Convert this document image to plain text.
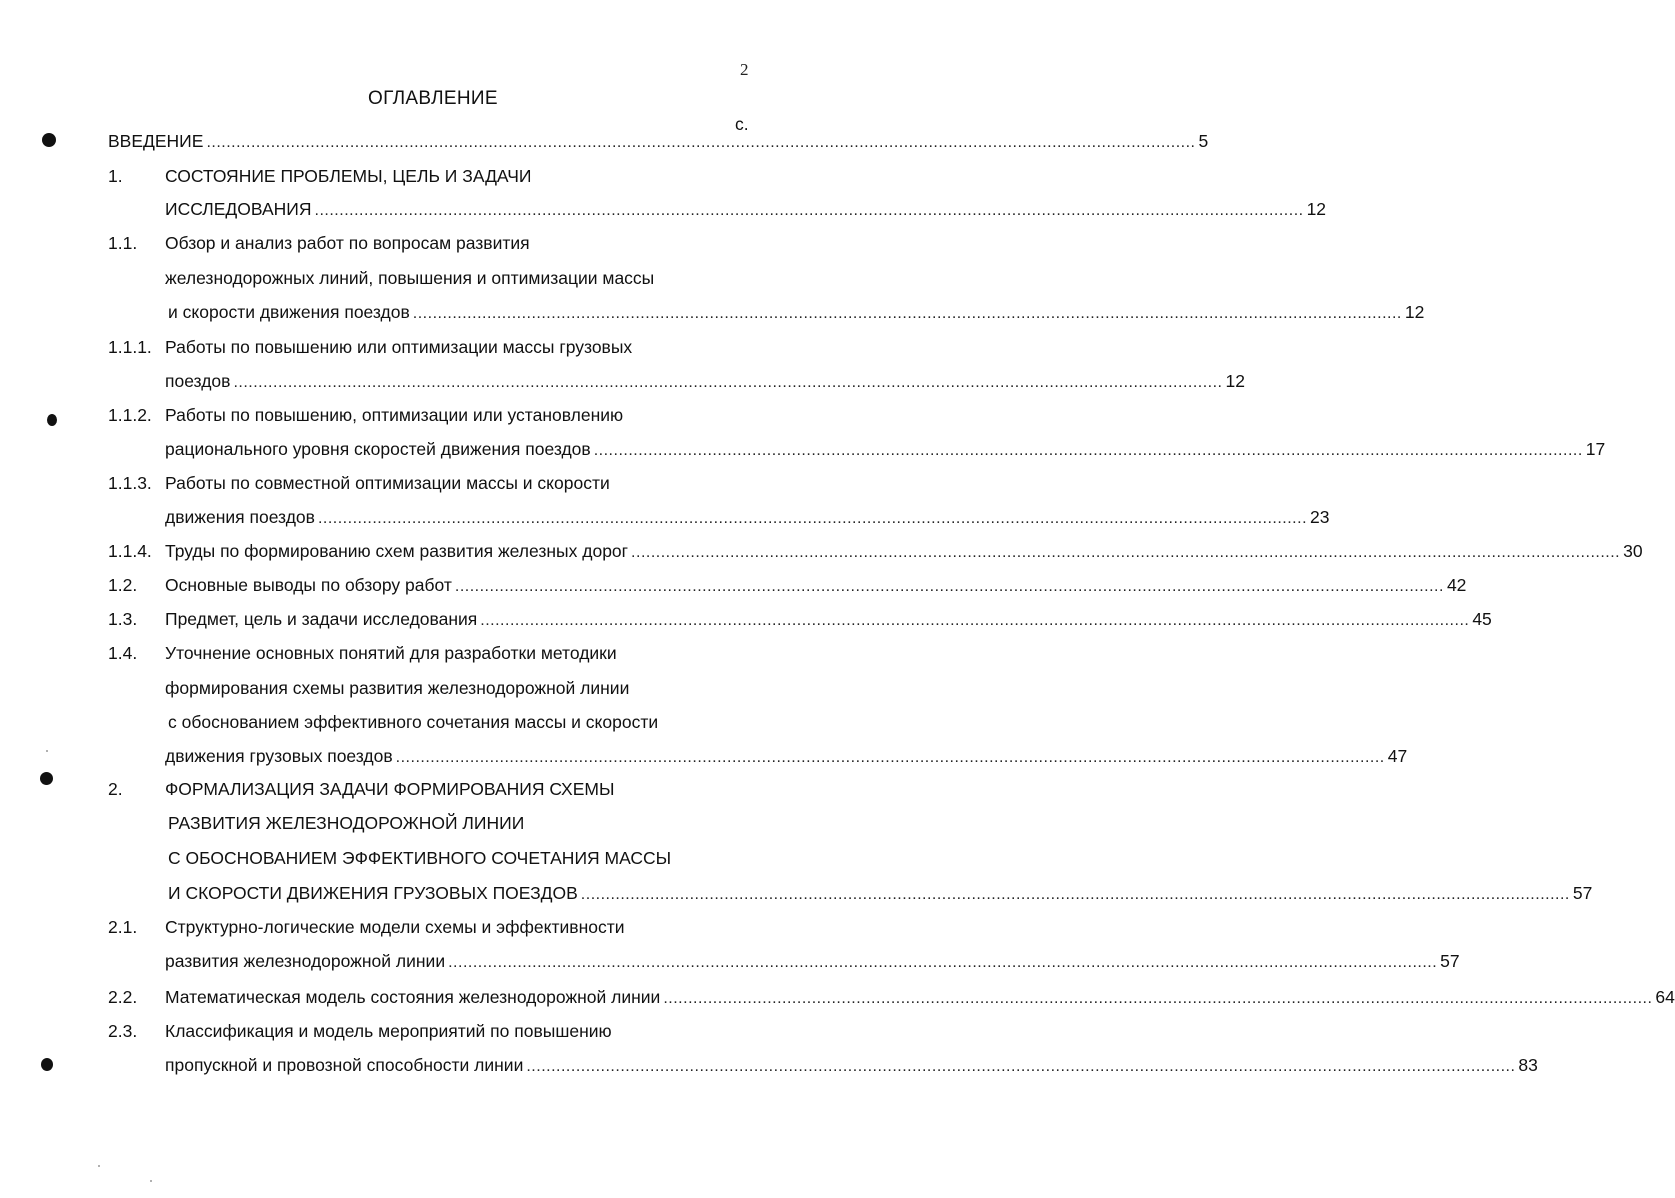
2
ОГЛАВЛЕНИЕ
с.
ВВЕДЕНИЕ ........................................................................................................................................................................................................ 5
1. СОСТОЯНИЕ ПРОБЛЕМЫ, ЦЕЛЬ И ЗАДАЧИ
ИССЛЕДОВАНИЯ ........................................................................................................................................................................................................ 12
1.1. Обзор и анализ работ по вопросам развития
железнодорожных линий, повышения и оптимизации массы
и скорости движения поездов ........................................................................................................................................................................................................ 12
1.1.1. Работы по повышению или оптимизации массы грузовых
поездов ........................................................................................................................................................................................................ 12
1.1.2. Работы по повышению, оптимизации или установлению
рационального уровня скоростей движения поездов ........................................................................................................................................................................................................ 17
1.1.3. Работы по совместной оптимизации массы и скорости
движения поездов ........................................................................................................................................................................................................ 23
1.1.4. Труды по формированию схем развития железных дорог ........................................................................................................................................................................................................ 30
1.2. Основные выводы по обзору работ ........................................................................................................................................................................................................ 42
1.3. Предмет, цель и задачи исследования ........................................................................................................................................................................................................ 45
1.4. Уточнение основных понятий для разработки методики
формирования схемы развития железнодорожной линии
с обоснованием эффективного сочетания массы и скорости
движения грузовых поездов ........................................................................................................................................................................................................ 47
2. ФОРМАЛИЗАЦИЯ ЗАДАЧИ ФОРМИРОВАНИЯ СХЕМЫ
РАЗВИТИЯ ЖЕЛЕЗНОДОРОЖНОЙ ЛИНИИ
С ОБОСНОВАНИЕМ ЭФФЕКТИВНОГО СОЧЕТАНИЯ МАССЫ
И СКОРОСТИ ДВИЖЕНИЯ ГРУЗОВЫХ ПОЕЗДОВ ........................................................................................................................................................................................................ 57
2.1. Структурно-логические модели схемы и эффективности
развития железнодорожной линии ........................................................................................................................................................................................................ 57
2.2. Математическая модель состояния железнодорожной линии ........................................................................................................................................................................................................ 64
2.3. Классификация и модель мероприятий по повышению
пропускной и провозной способности линии ........................................................................................................................................................................................................ 83
